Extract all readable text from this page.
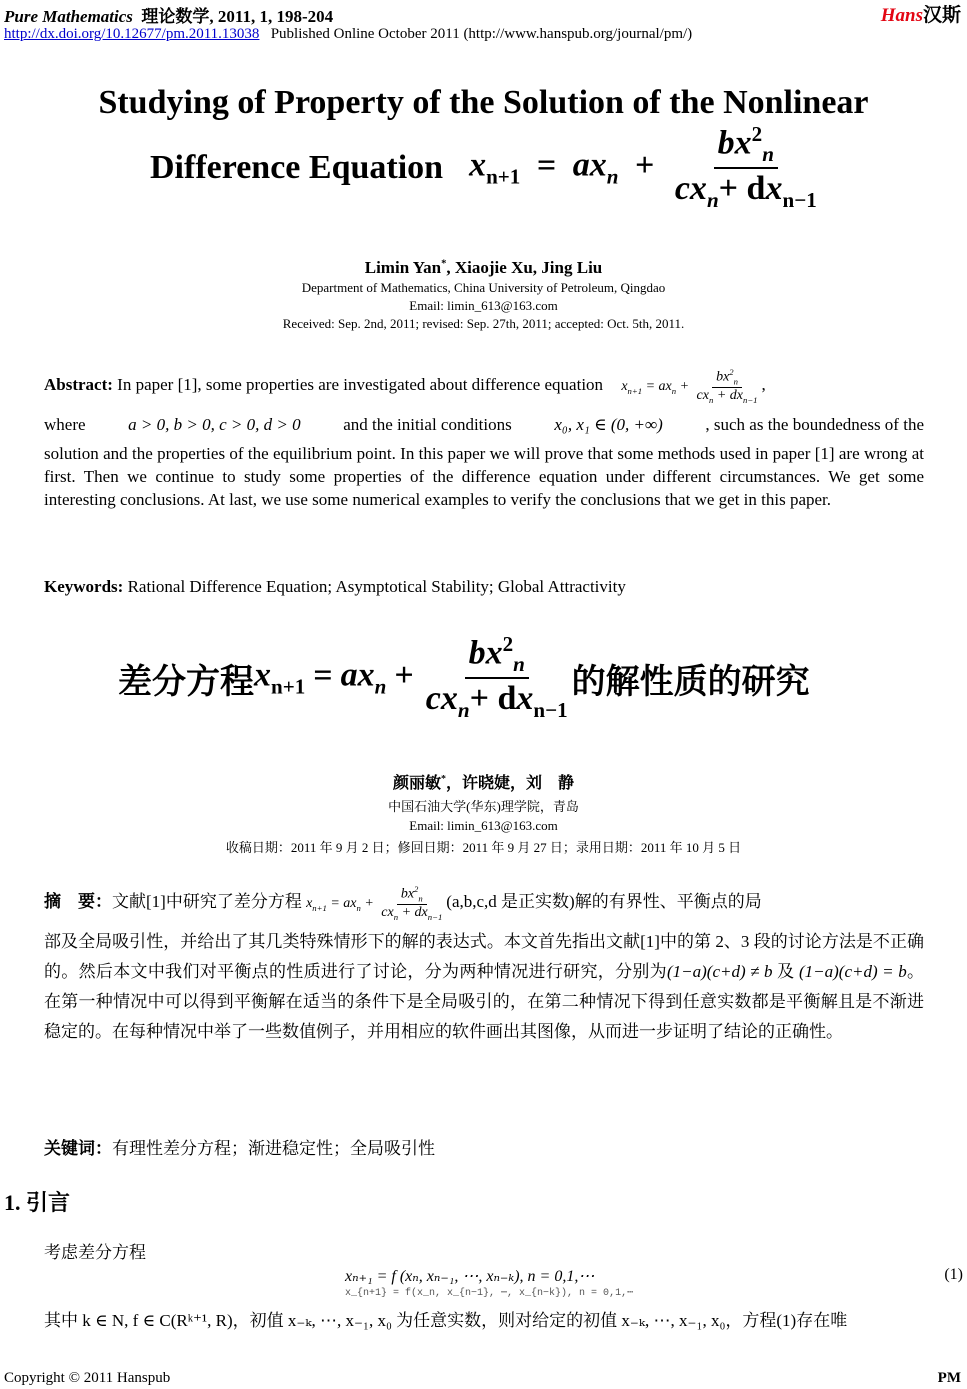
Pure Mathematics 理论数学, 2011, 1, 198-204
http://dx.doi.org/10.12677/pm.2011.13038 Published Online October 2011 (http://www.hanspub.org/journal/pm/)
Hans汉斯
Studying of Property of the Solution of the Nonlinear
Difference Equation $x_{n+1} = ax_n + \frac{bx^2_n}{cx_n+ dx_{n-1}}$
Limin Yan*, Xiaojie Xu, Jing Liu
Department of Mathematics, China University of Petroleum, Qingdao
Email: limin_613@163.com
Received: Sep. 2nd, 2011; revised: Sep. 27th, 2011; accepted: Oct. 5th, 2011.
Abstract: In paper [1], some properties are investigated about difference equation $x_{n+1} = ax_n + \frac{bx^2_n}{cx_n + dx_{n-1}}$ ,
where	a > 0, b > 0, c > 0, d > 0	and the initial conditions	x₀, x₁ ∈ (0, +∞)	, such as the boundedness of the
solution and the properties of the equilibrium point. In this paper we will prove that some methods used in paper [1] are wrong at first. Then we continue to study some properties of the difference equation under different circumstances. We get some interesting conclusions. At last, we use some numerical examples to verify the conclusions that we get in this paper.
Keywords: Rational Difference Equation; Asymptotical Stability; Global Attractivity
差分方程 $x_{n+1} = ax_n + \frac{bx^2_n}{cx_n+ dx_{n-1}}$ 的解性质的研究
颜丽敏*，许晓婕，刘　静
中国石油大学(华东)理学院，青岛
Email: limin_613@163.com
收稿日期：2011 年 9 月 2 日；修回日期：2011 年 9 月 27 日；录用日期：2011 年 10 月 5 日
摘　要：文献[1]中研究了差分方程 $x_{n+1} = ax_n + \frac{bx^2_n}{cx_n + dx_{n-1}} (a,b,c,d$ 是正实数)解的有界性、平衡点的局
部及全局吸引性，并给出了其几类特殊情形下的解的表达式。本文首先指出文献[1]中的第 2、3 段的讨论方法是不正确的。然后本文中我们对平衡点的性质进行了讨论，分为两种情况进行研究，分别为(1−a)(c+d) ≠ b 及 (1−a)(c+d) = b。在第一种情况中可以得到平衡解在适当的条件下是全局吸引的，在第二种情况下得到任意实数都是平衡解且是不渐进稳定的。在每种情况中举了一些数值例子，并用相应的软件画出其图像，从而进一步证明了结论的正确性。
关键词：有理性差分方程；渐进稳定性；全局吸引性
1. 引言
考虑差分方程
xₙ₊₁ = f (xₙ, xₙ₋₁, ⋯, xₙ₋ₖ), n = 0,1,⋯
x_{n+1} = f(x_n, x_{n−1}, ⋯, x_{n−k}), n = 0,1,⋯
(1)
其中 k ∈ N, f ∈ C(Rᵏ⁺¹, R)，初值 x₋ₖ, ⋯, x₋₁, x₀ 为任意实数，则对给定的初值 x₋ₖ, ⋯, x₋₁, x₀，方程(1)存在唯
Copyright © 2011 Hanspub	PM
